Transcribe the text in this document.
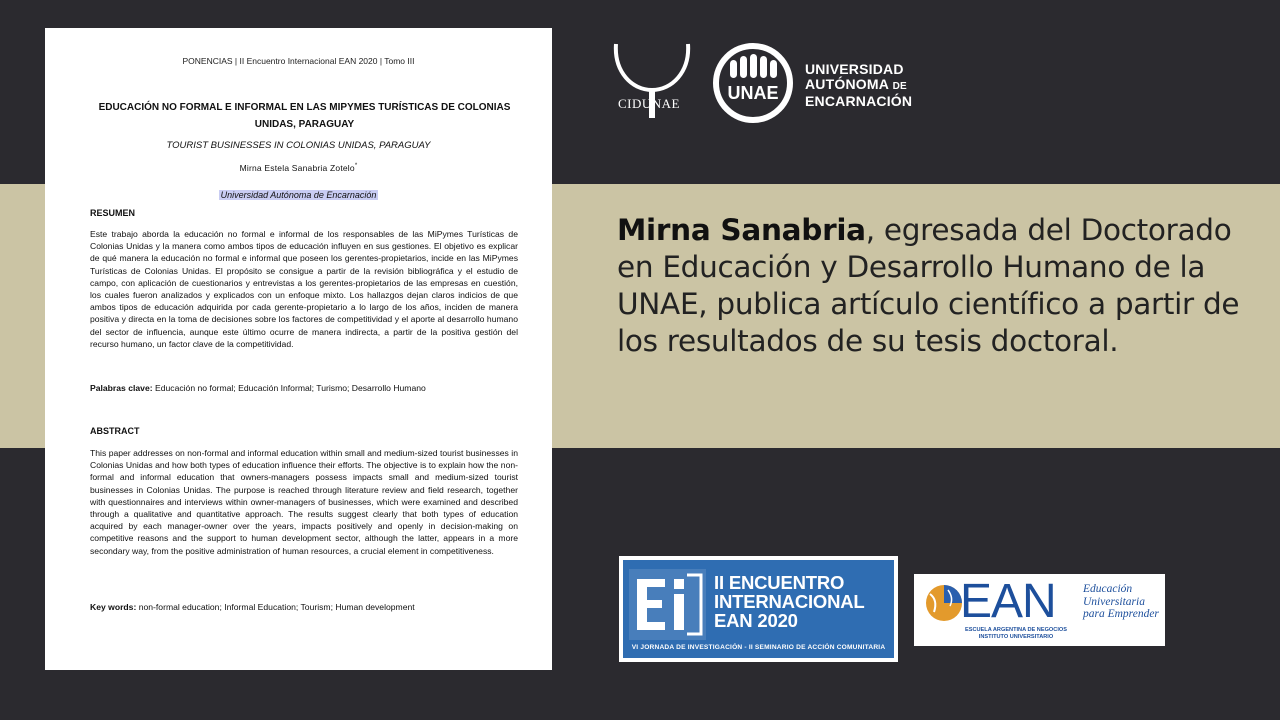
PONENCIAS | II Encuentro Internacional EAN 2020 | Tomo III
EDUCACIÓN NO FORMAL E INFORMAL EN LAS MIPYMES TURÍSTICAS DE COLONIAS UNIDAS, PARAGUAY
TOURIST BUSINESSES IN COLONIAS UNIDAS, PARAGUAY
Mirna Estela Sanabria Zotelo*
Universidad Autónoma de Encarnación
RESUMEN
Este trabajo aborda la educación no formal e informal de los responsables de las MiPymes Turísticas de Colonias Unidas y la manera como ambos tipos de educación influyen en sus gestiones. El objetivo es explicar de qué manera la educación no formal e informal que poseen los gerentes-propietarios, incide en las MiPymes Turísticas de Colonias Unidas. El propósito se consigue a partir de la revisión bibliográfica y el estudio de campo, con aplicación de cuestionarios y entrevistas a los gerentes-propietarios de las empresas en cuestión, los cuales fueron analizados y explicados con un enfoque mixto. Los hallazgos dejan claros indicios de que ambos tipos de educación adquirida por cada gerente-propietario a lo largo de los años, inciden de manera positiva y directa en la toma de decisiones sobre los factores de competitividad y el aporte al desarrollo humano del sector de influencia, aunque este último ocurre de manera indirecta, a partir de la positiva gestión del recurso humano, un factor clave de la competitividad.
Palabras clave: Educación no formal; Educación Informal; Turismo; Desarrollo Humano
ABSTRACT
This paper addresses on non-formal and informal education within small and medium-sized tourist businesses in Colonias Unidas and how both types of education influence their efforts. The objective is to explain how the non-formal and informal education that owners-managers possess impacts small and medium-sized tourist businesses in Colonias Unidas. The purpose is reached through literature review and field research, together with questionnaires and interviews within owner-managers of businesses, which were examined and described through a qualitative and quantitative approach. The results suggest clearly that both types of education acquired by each manager-owner over the years, impacts positively and openly in decision-making on competitive reasons and the support to human development sector, although the latter, appears in a more secondary way, from the positive administration of human resources, a crucial element in competitiveness.
Key words: non-formal education; Informal Education; Tourism; Human development
CIDUNAE
UNAE
UNIVERSIDAD
AUTÓNOMA DE
ENCARNACIÓN
Mirna Sanabria, egresada del Doctorado en Educación y Desarrollo Humano de la UNAE, publica artículo científico a partir de los resultados de su tesis doctoral.
II ENCUENTRO
INTERNACIONAL
EAN 2020
VI JORNADA DE INVESTIGACIÓN - II SEMINARIO DE ACCIÓN COMUNITARIA
EAN
ESCUELA ARGENTINA DE NEGOCIOS
INSTITUTO UNIVERSITARIO
Educación
Universitaria
para Emprender
